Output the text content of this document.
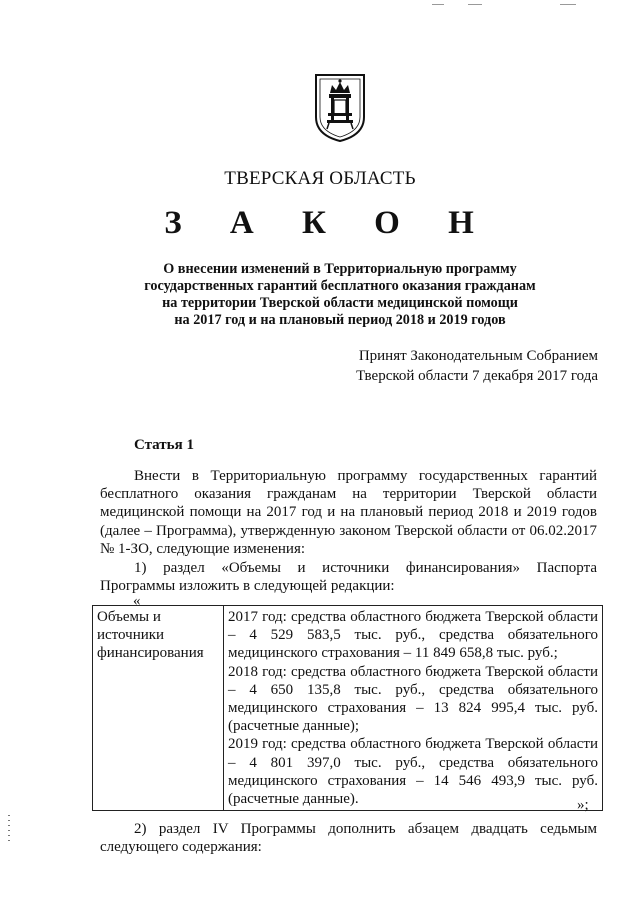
ТВЕРСКАЯ ОБЛАСТЬ
З А К О Н
О внесении изменений в Территориальную программу
государственных гарантий бесплатного оказания гражданам
на территории Тверской области медицинской помощи
на 2017 год и на плановый период 2018 и 2019 годов
Принят Законодательным Собранием
Тверской области 7 декабря 2017 года
Статья 1
Внести в Территориальную программу государственных гарантий бесплатного оказания гражданам на территории Тверской области медицинской помощи на 2017 год и на плановый период 2018 и 2019 годов (далее – Программа), утвержденную законом Тверской области от 06.02.2017 № 1-ЗО, следующие изменения:
1) раздел «Объемы и источники финансирования» Паспорта Программы изложить в следующей редакции:
«
Объемы и источники финансирования	

2017 год: средства областного бюджета Тверской области – 4 529 583,5 тыс. руб., средства обязательного медицинского страхования – 11 849 658,8 тыс. руб.;

2018 год: средства областного бюджета Тверской области – 4 650 135,8 тыс. руб., средства обязательного медицинского страхования – 13 824 995,4 тыс. руб. (расчетные данные);

2019 год: средства областного бюджета Тверской области – 4 801 397,0 тыс. руб., средства обязательного медицинского страхования – 14 546 493,9 тыс. руб. (расчетные данные).	»;
2) раздел IV Программы дополнить абзацем двадцать седьмым следующего содержания:
